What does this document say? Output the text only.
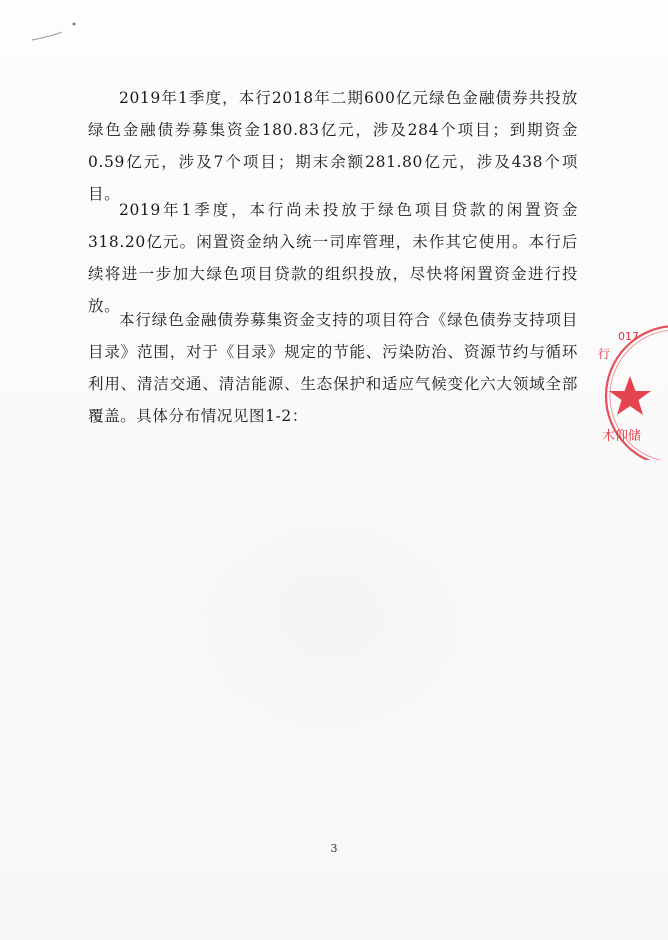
2019年1季度，本行2018年二期600亿元绿色金融债券共投放绿色金融债券募集资金180.83亿元，涉及284个项目；到期资金0.59亿元，涉及7个项目；期末余额281.80亿元，涉及438个项目。

2019年1季度，本行尚未投放于绿色项目贷款的闲置资金318.20亿元。闲置资金纳入统一司库管理，未作其它使用。本行后续将进一步加大绿色项目贷款的组织投放，尽快将闲置资金进行投放。

本行绿色金融债券募集资金支持的项目符合《绿色债券支持项目目录》范围，对于《目录》规定的节能、污染防治、资源节约与循环利用、清洁交通、清洁能源、生态保护和适应气候变化六大领域全部覆盖。具体分布情况见图1-2：

3
017
行
木仰储
